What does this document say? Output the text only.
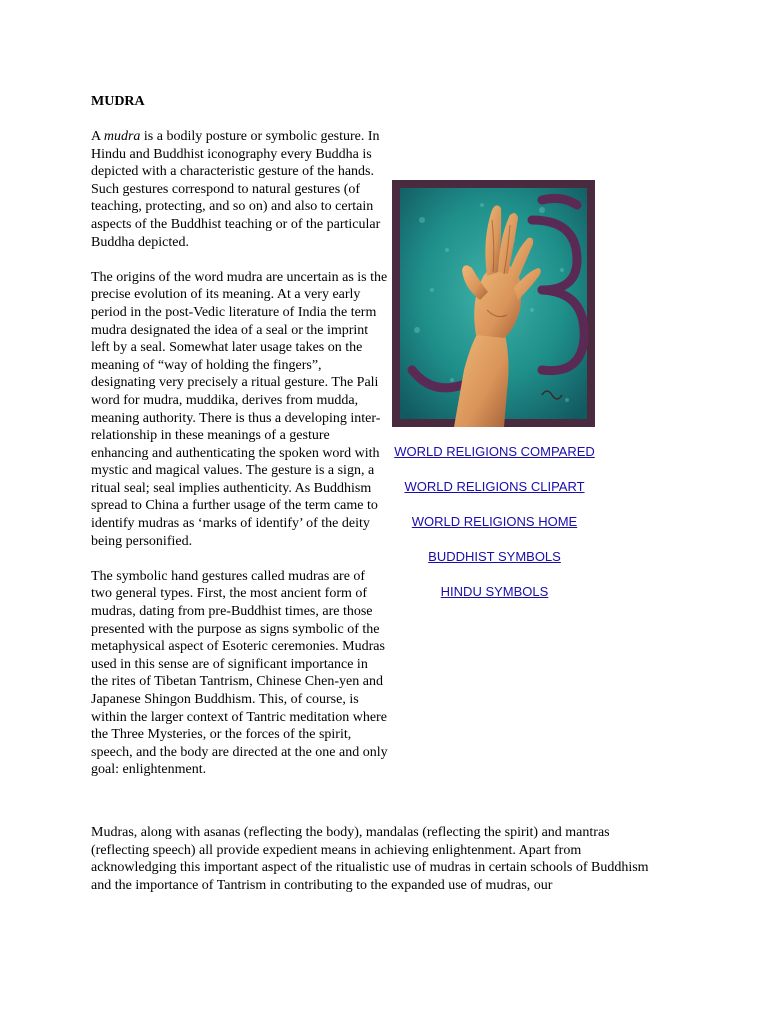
MUDRA

A mudra is a bodily posture or symbolic gesture. In Hindu and Buddhist iconography every Buddha is depicted with a characteristic gesture of the hands. Such gestures correspond to natural gestures (of teaching, protecting, and so on) and also to certain aspects of the Buddhist teaching or of the particular Buddha depicted.

The origins of the word mudra are uncertain as is the precise evolution of its meaning. At a very early period in the post-Vedic literature of India the term mudra designated the idea of a seal or the imprint left by a seal. Somewhat later usage takes on the meaning of “way of holding the fingers”, designating very precisely a ritual gesture. The Pali word for mudra, muddika, derives from mudda, meaning authority. There is thus a developing inter-relationship in these meanings of a gesture enhancing and authenticating the spoken word with mystic and magical values. The gesture is a sign, a ritual seal; seal implies authenticity. As Buddhism spread to China a further usage of the term came to identify mudras as ‘marks of identify’ of the deity being personified.

The symbolic hand gestures called mudras are of two general types. First, the most ancient form of mudras, dating from pre-Buddhist times, are those presented with the purpose as signs symbolic of the metaphysical aspect of Esoteric ceremonies. Mudras used in this sense are of significant importance in the rites of Tibetan Tantrism, Chinese Chen-yen and Japanese Shingon Buddhism. This, of course, is within the larger context of Tantric meditation where the Three Mysteries, or the forces of the spirit, speech, and the body are directed at the one and only goal: enlightenment.

WORLD RELIGIONS COMPARED
WORLD RELIGIONS CLIPART
WORLD RELIGIONS HOME
BUDDHIST SYMBOLS
HINDU SYMBOLS

Mudras, along with asanas (reflecting the body), mandalas (reflecting the spirit) and mantras (reflecting speech) all provide expedient means in achieving enlightenment. Apart from acknowledging this important aspect of the ritualistic use of mudras in certain schools of Buddhism and the importance of Tantrism in contributing to the expanded use of mudras, our
